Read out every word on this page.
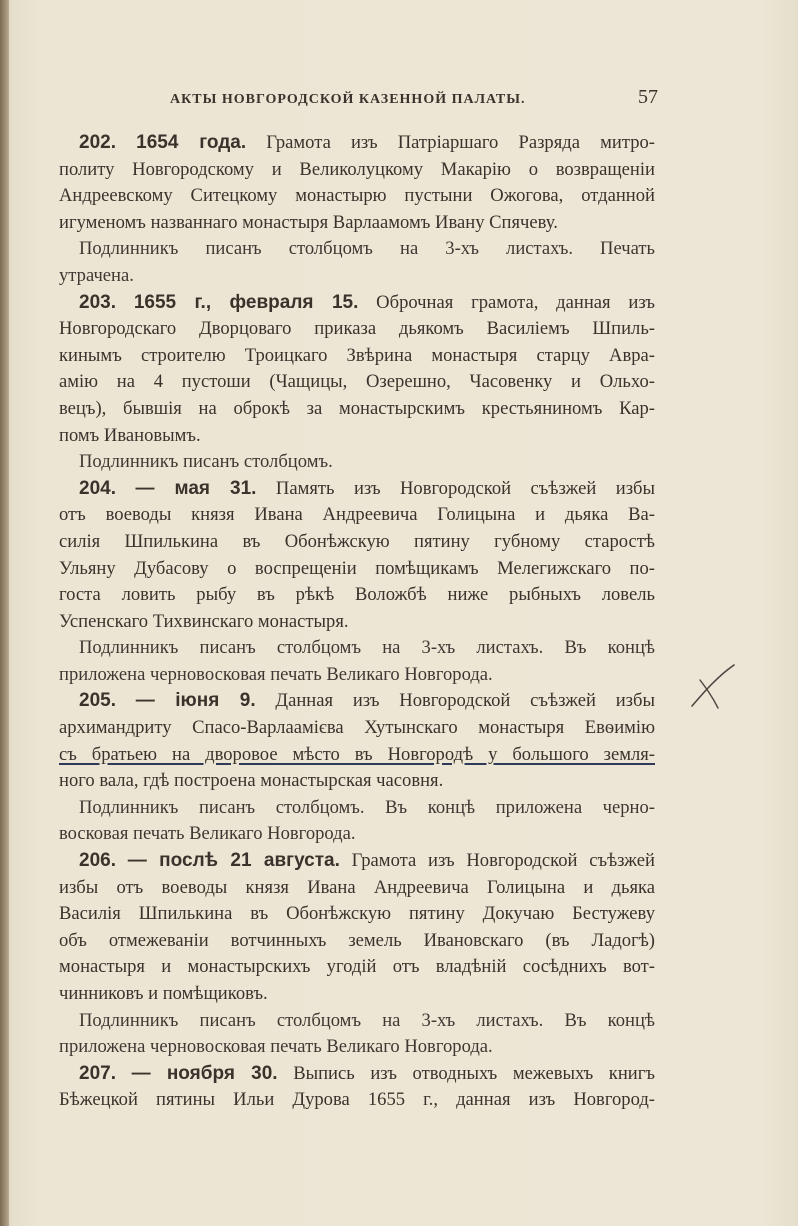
АКТЫ НОВГОРОДСКОЙ КАЗЕННОЙ ПАЛАТЫ.	57
202. 1654 года. Грамота изъ Патріаршаго Разряда митро-
политу Новгородскому и Великолуцкому Макарію о возвращеніи
Андреевскому Ситецкому монастырю пустыни Ожогова, отданной
игуменомъ названнаго монастыря Варлаамомъ Ивану Спячеву.
Подлинникъ писанъ столбцомъ на 3-хъ листахъ. Печать
утрачена.
203. 1655 г., февраля 15. Оброчная грамота, данная изъ
Новгородскаго Дворцоваго приказа дьякомъ Василіемъ Шпиль-
кинымъ строителю Троицкаго Звѣрина монастыря старцу Авра-
амію на 4 пустоши (Чащицы, Озерешно, Часовенку и Ольхо-
вецъ), бывшія на оброкѣ за монастырскимъ крестьяниномъ Кар-
помъ Ивановымъ.
Подлинникъ писанъ столбцомъ.
204. — мая 31. Память изъ Новгородской съѣзжей избы
отъ воеводы князя Ивана Андреевича Голицына и дьяка Ва-
силія Шпилькина въ Обонѣжскую пятину губному старостѣ
Ульяну Дубасову о воспрещеніи помѣщикамъ Мелегижскаго по-
госта ловить рыбу въ рѣкѣ Воложбѣ ниже рыбныхъ ловель
Успенскаго Тихвинскаго монастыря.
Подлинникъ писанъ столбцомъ на 3-хъ листахъ. Въ концѣ
приложена черновосковая печать Великаго Новгорода.
205. — іюня 9. Данная изъ Новгородской съѣзжей избы
архимандриту Спасо-Варлаамієва Хутынскаго монастыря Евѳимію
съ братьею на дворовое мѣсто въ Новгородѣ у большого земля-
ного вала, гдѣ построена монастырская часовня.
Подлинникъ писанъ столбцомъ. Въ концѣ приложена черно-
восковая печать Великаго Новгорода.
206. — послѣ 21 августа. Грамота изъ Новгородской съѣзжей
избы отъ воеводы князя Ивана Андреевича Голицына и дьяка
Василія Шпилькина въ Обонѣжскую пятину Докучаю Бестужеву
объ отмежеваніи вотчинныхъ земель Ивановскаго (въ Ладогѣ)
монастыря и монастырскихъ угодій отъ владѣній сосѣднихъ вот-
чинниковъ и помѣщиковъ.
Подлинникъ писанъ столбцомъ на 3-хъ листахъ. Въ концѣ
приложена черновосковая печать Великаго Новгорода.
207. — ноября 30. Выпись изъ отводныхъ межевыхъ книгъ
Бѣжецкой пятины Ильи Дурова 1655 г., данная изъ Новгород-
